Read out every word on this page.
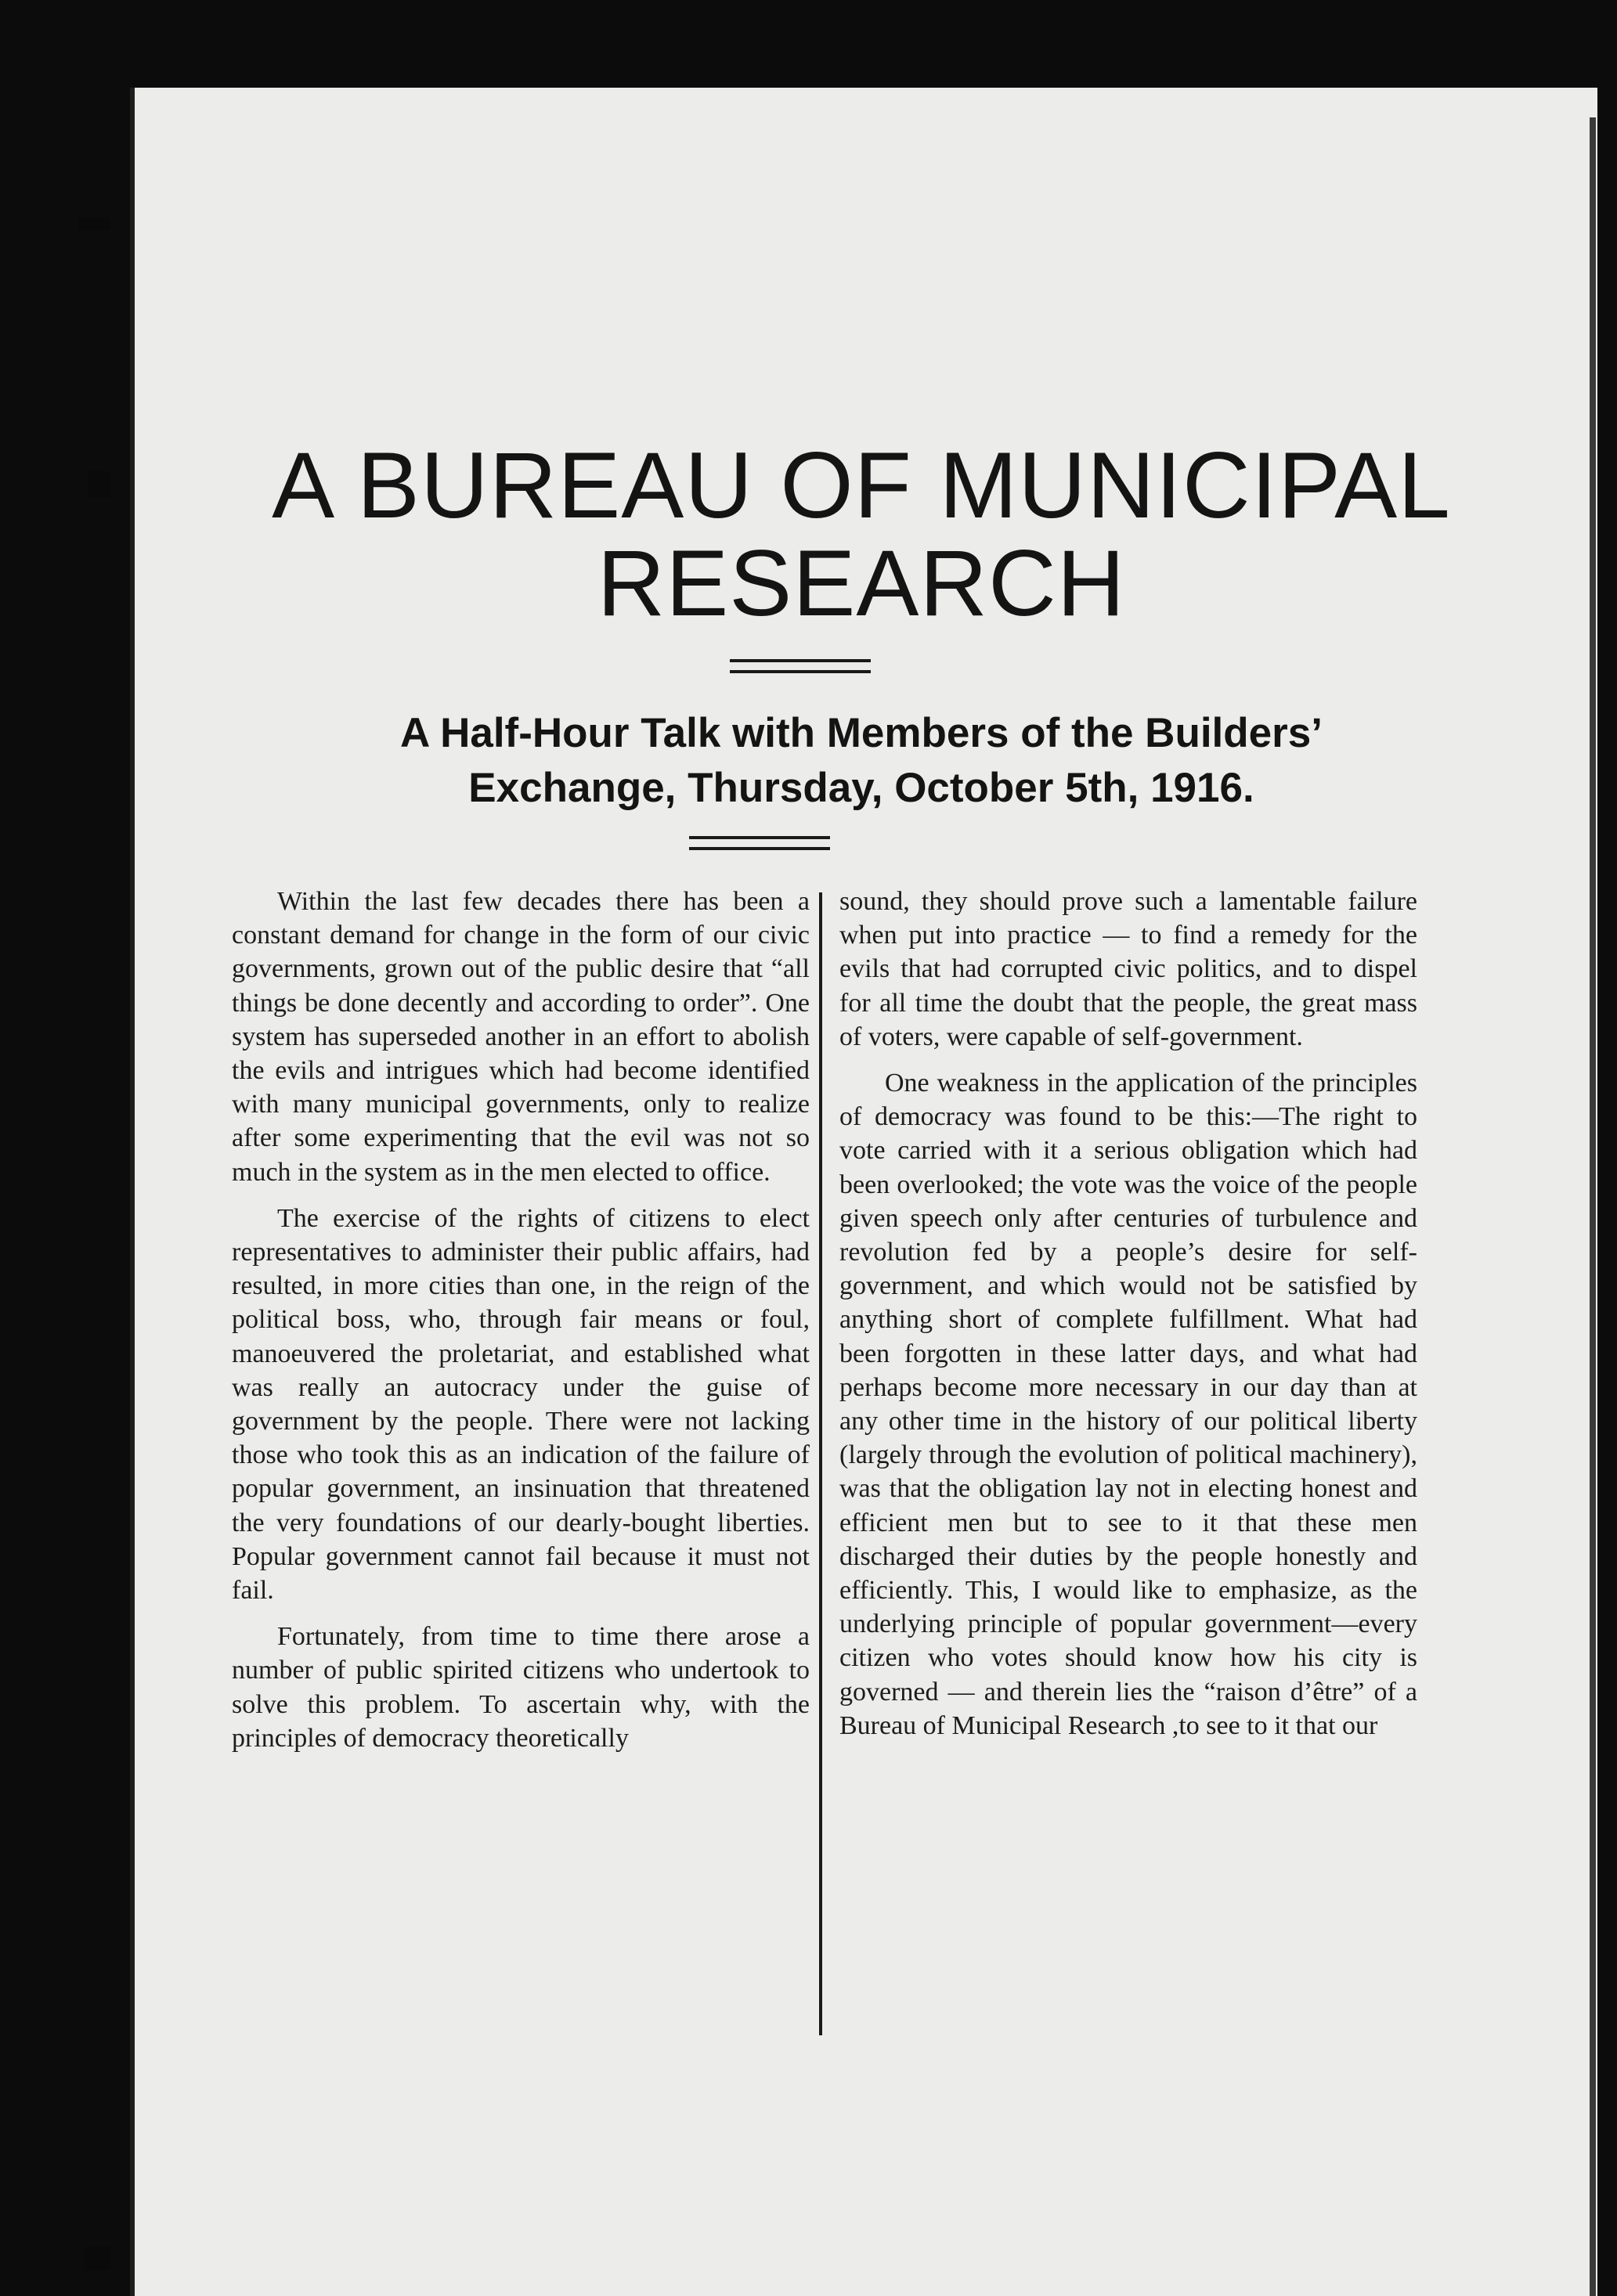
A BUREAU OF MUNICIPAL
RESEARCH
A Half-Hour Talk with Members of the Builders’
Exchange, Thursday, October 5th, 1916.

Within the last few decades there has been a constant demand for change in the form of our civic governments, grown out of the public desire that “all things be done decently and according to order”. One system has superseded another in an effort to abolish the evils and intrigues which had become identified with many municipal governments, only to realize after some experimenting that the evil was not so much in the system as in the men elected to office.

The exercise of the rights of citizens to elect representatives to administer their public affairs, had resulted, in more cities than one, in the reign of the political boss, who, through fair means or foul, manoeuvered the proletariat, and established what was really an autocracy under the guise of government by the people. There were not lacking those who took this as an indication of the failure of popular government, an insinuation that threatened the very foundations of our dearly-bought liberties. Popular government cannot fail because it must not fail.

Fortunately, from time to time there arose a number of public spirited citizens who undertook to solve this problem. To ascertain why, with the principles of democracy theoretically

sound, they should prove such a lamentable failure when put into practice — to find a remedy for the evils that had corrupted civic politics, and to dispel for all time the doubt that the people, the great mass of voters, were capable of self-government.

One weakness in the application of the principles of democracy was found to be this:—The right to vote carried with it a serious obligation which had been overlooked; the vote was the voice of the people given speech only after centuries of turbulence and revolution fed by a people’s desire for self-government, and which would not be satisfied by anything short of complete fulfillment. What had been forgotten in these latter days, and what had perhaps become more necessary in our day than at any other time in the history of our political liberty (largely through the evolution of political machinery), was that the obligation lay not in electing honest and efficient men but to see to it that these men discharged their duties by the people honestly and efficiently. This, I would like to emphasize, as the underlying principle of popular government—every citizen who votes should know how his city is governed — and therein lies the “raison d’être” of a Bureau of Municipal Research ,to see to it that our
